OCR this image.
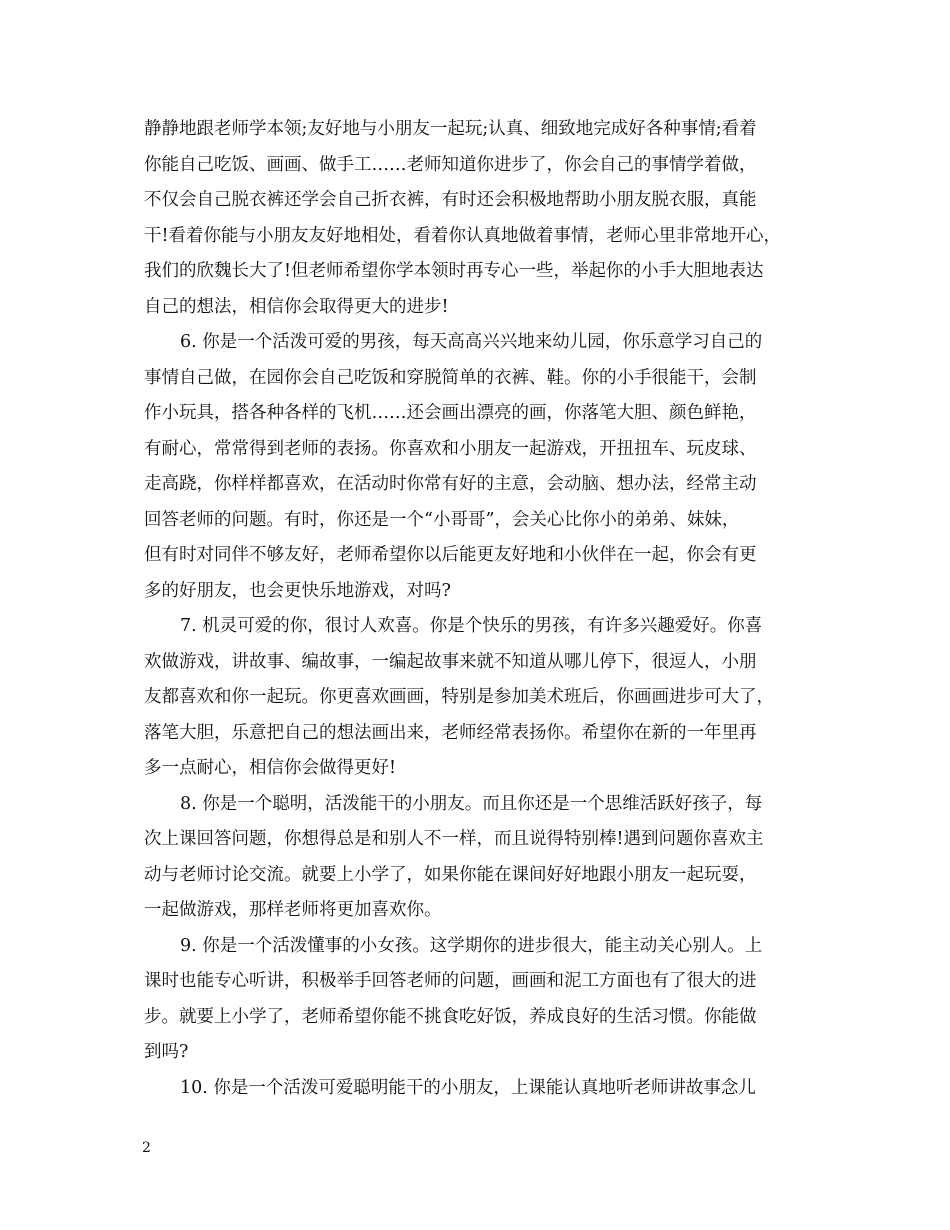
静静地跟老师学本领;友好地与小朋友一起玩;认真、细致地完成好各种事情;看着
你能自己吃饭、画画、做手工……老师知道你进步了，你会自己的事情学着做，
不仅会自己脱衣裤还学会自己折衣裤，有时还会积极地帮助小朋友脱衣服，真能
干!看着你能与小朋友友好地相处，看着你认真地做着事情，老师心里非常地开心，
我们的欣魏长大了!但老师希望你学本领时再专心一些，举起你的小手大胆地表达
自己的想法，相信你会取得更大的进步!
6. 你是一个活泼可爱的男孩，每天高高兴兴地来幼儿园，你乐意学习自己的
事情自己做，在园你会自己吃饭和穿脱简单的衣裤、鞋。你的小手很能干，会制
作小玩具，搭各种各样的飞机……还会画出漂亮的画，你落笔大胆、颜色鲜艳，
有耐心，常常得到老师的表扬。你喜欢和小朋友一起游戏，开扭扭车、玩皮球、
走高跷，你样样都喜欢，在活动时你常有好的主意，会动脑、想办法，经常主动
回答老师的问题。有时，你还是一个“小哥哥”，会关心比你小的弟弟、妹妹，
但有时对同伴不够友好，老师希望你以后能更友好地和小伙伴在一起，你会有更
多的好朋友，也会更快乐地游戏，对吗?
7. 机灵可爱的你，很讨人欢喜。你是个快乐的男孩，有许多兴趣爱好。你喜
欢做游戏，讲故事、编故事，一编起故事来就不知道从哪儿停下，很逗人，小朋
友都喜欢和你一起玩。你更喜欢画画，特别是参加美术班后，你画画进步可大了，
落笔大胆，乐意把自己的想法画出来，老师经常表扬你。希望你在新的一年里再
多一点耐心，相信你会做得更好!
8. 你是一个聪明，活泼能干的小朋友。而且你还是一个思维活跃好孩子，每
次上课回答问题，你想得总是和别人不一样，而且说得特别棒!遇到问题你喜欢主
动与老师讨论交流。就要上小学了，如果你能在课间好好地跟小朋友一起玩耍，
一起做游戏，那样老师将更加喜欢你。
9. 你是一个活泼懂事的小女孩。这学期你的进步很大，能主动关心别人。上
课时也能专心听讲，积极举手回答老师的问题，画画和泥工方面也有了很大的进
步。就要上小学了，老师希望你能不挑食吃好饭，养成良好的生活习惯。你能做
到吗?
10. 你是一个活泼可爱聪明能干的小朋友，上课能认真地听老师讲故事念儿
2
